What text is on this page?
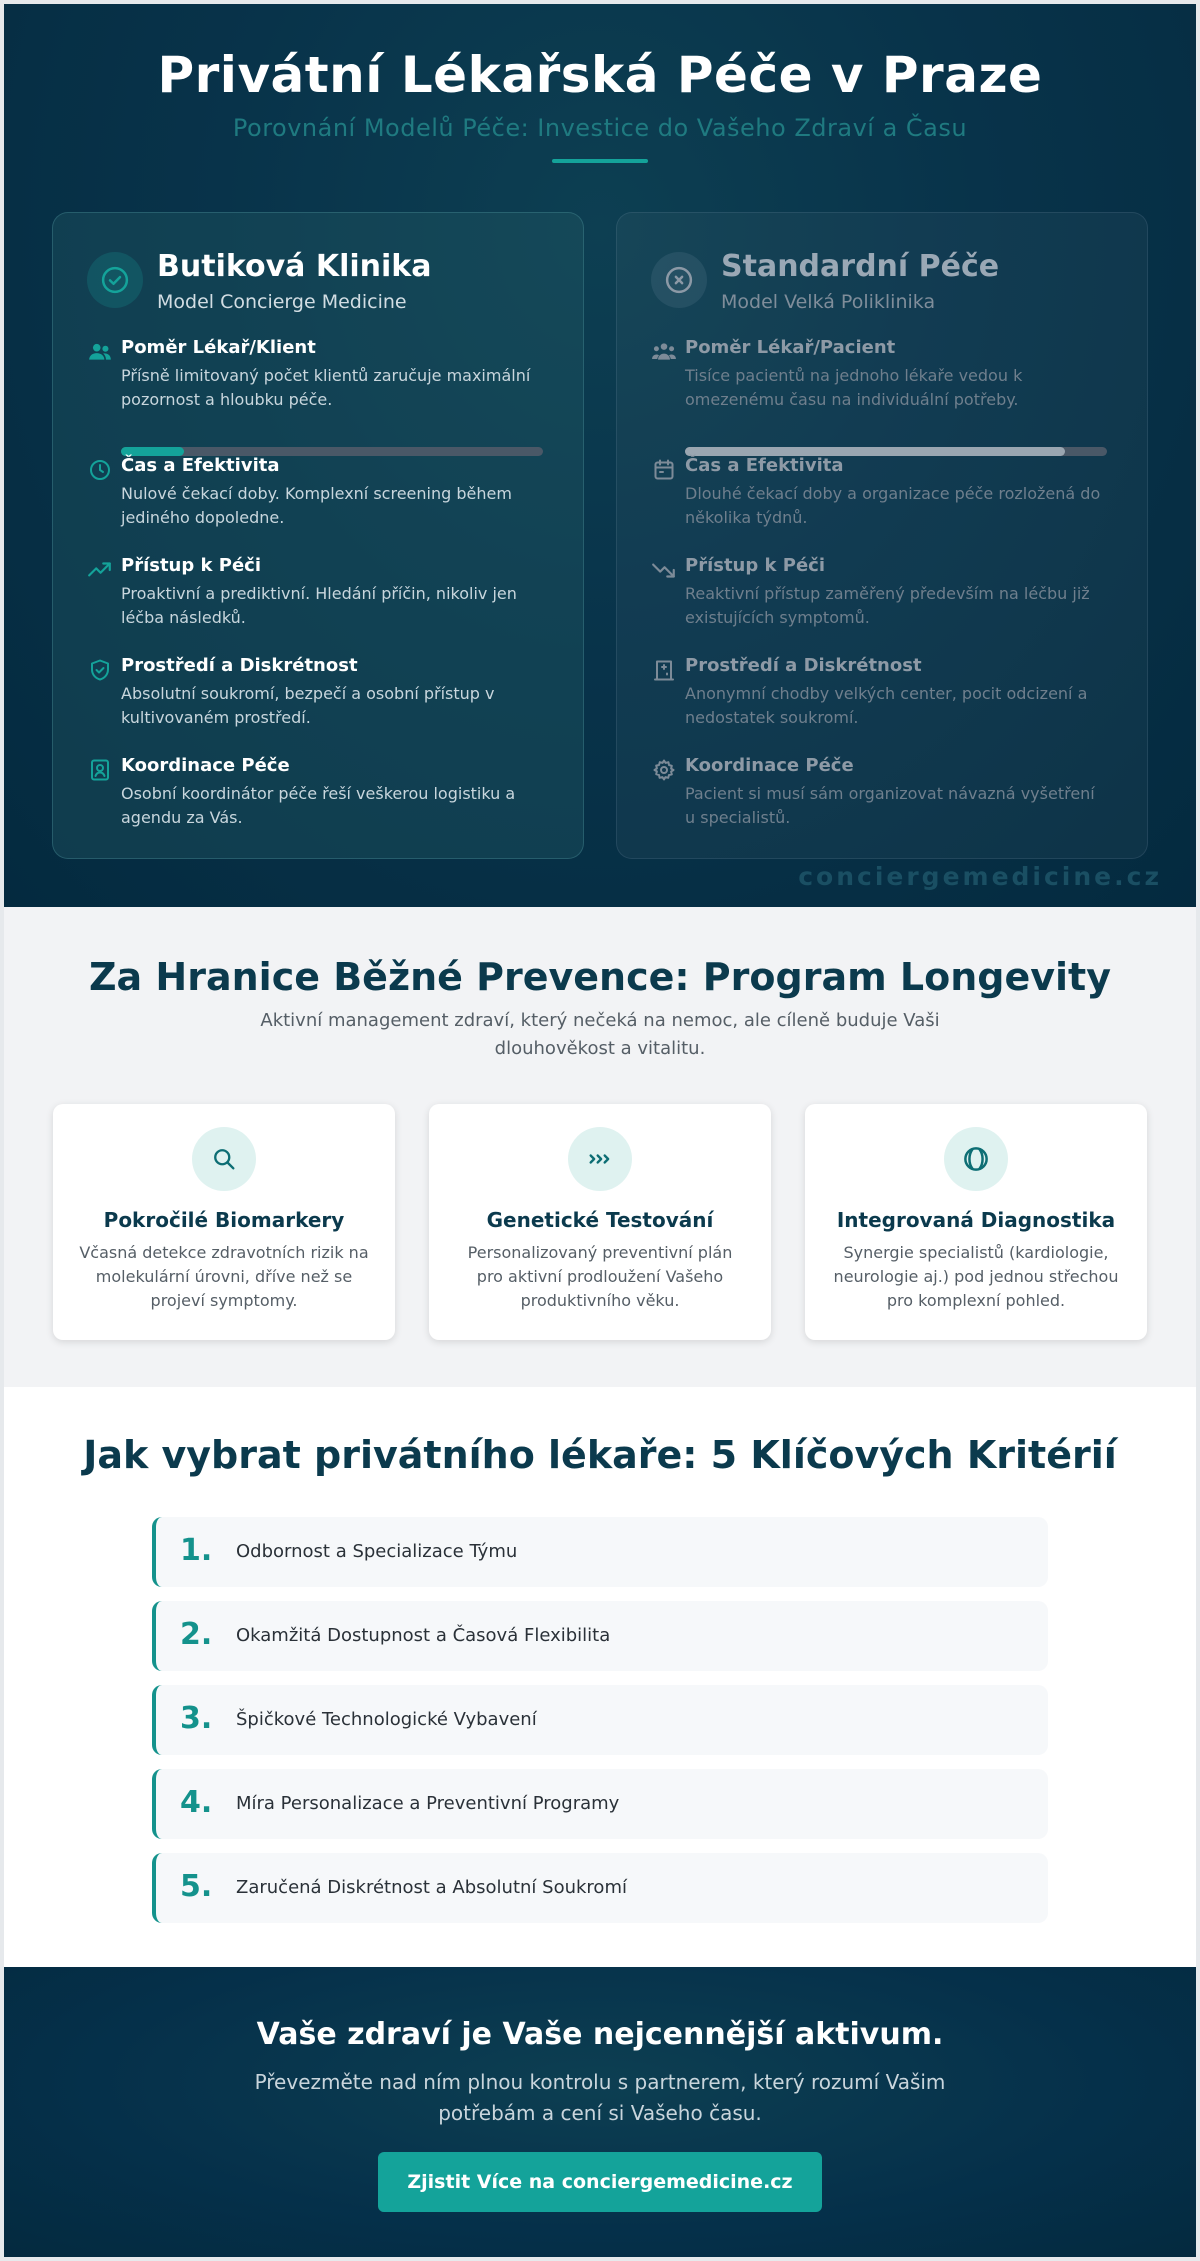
Privátní Lékařská Péče v Praze
Porovnání Modelů Péče: Investice do Vašeho Zdraví a Času
Butiková Klinika
Model Concierge Medicine
Poměr Lékař/Klient
Přísně limitovaný počet klientů zaručuje maximální pozornost a hloubku péče.
Čas a Efektivita
Nulové čekací doby. Komplexní screening během jediného dopoledne.
Přístup k Péči
Proaktivní a prediktivní. Hledání příčin, nikoliv jen léčba následků.
Prostředí a Diskrétnost
Absolutní soukromí, bezpečí a osobní přístup v kultivovaném prostředí.
Koordinace Péče
Osobní koordinátor péče řeší veškerou logistiku a agendu za Vás.
Standardní Péče
Model Velká Poliklinika
Poměr Lékař/Pacient
Tisíce pacientů na jednoho lékaře vedou k omezenému času na individuální potřeby.
Čas a Efektivita
Dlouhé čekací doby a organizace péče rozložená do několika týdnů.
Přístup k Péči
Reaktivní přístup zaměřený především na léčbu již existujících symptomů.
Prostředí a Diskrétnost
Anonymní chodby velkých center, pocit odcizení a nedostatek soukromí.
Koordinace Péče
Pacient si musí sám organizovat návazná vyšetření u specialistů.
conciergemedicine.cz
Za Hranice Běžné Prevence: Program Longevity

Aktivní management zdraví, který nečeká na nemoc, ale cíleně buduje Vaši dlouhověkost a vitalitu.

Pokročilé Biomarkery
Včasná detekce zdravotních rizik na molekulární úrovni, dříve než se projeví symptomy.
Genetické Testování
Personalizovaný preventivní plán pro aktivní prodloužení Vašeho produktivního věku.
Integrovaná Diagnostika
Synergie specialistů (kardiologie, neurologie aj.) pod jednou střechou pro komplexní pohled.
Jak vybrat privátního lékaře: 5 Klíčových Kritérií
1. Odbornost a Specializace Týmu
2. Okamžitá Dostupnost a Časová Flexibilita
3. Špičkové Technologické Vybavení
4. Míra Personalizace a Preventivní Programy
5. Zaručená Diskrétnost a Absolutní Soukromí
Vaše zdraví je Vaše nejcennější aktivum.

Převezměte nad ním plnou kontrolu s partnerem, který rozumí Vašim potřebám a cení si Vašeho času.

Zjistit Více na conciergemedicine.cz
